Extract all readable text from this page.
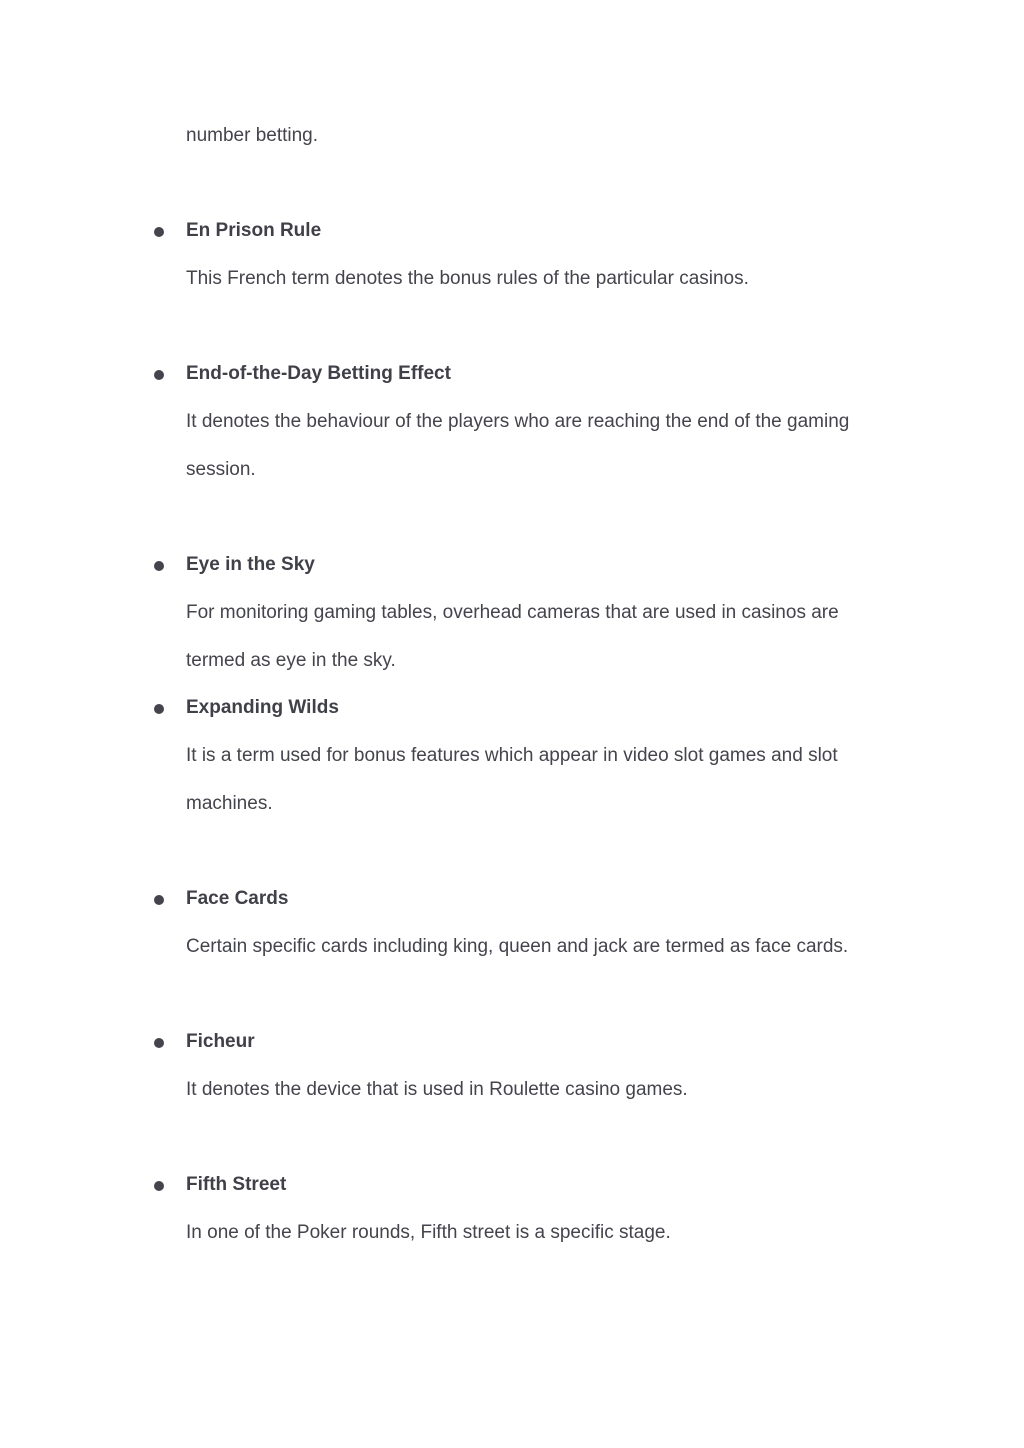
number betting.
En Prison Rule
This French term denotes the bonus rules of the particular casinos.
End-of-the-Day Betting Effect
It denotes the behaviour of the players who are reaching the end of the gaming
session.
Eye in the Sky
For monitoring gaming tables, overhead cameras that are used in casinos are
termed as eye in the sky.
Expanding Wilds
It is a term used for bonus features which appear in video slot games and slot
machines.
Face Cards
Certain specific cards including king, queen and jack are termed as face cards.
Ficheur
It denotes the device that is used in Roulette casino games.
Fifth Street
In one of the Poker rounds, Fifth street is a specific stage.
